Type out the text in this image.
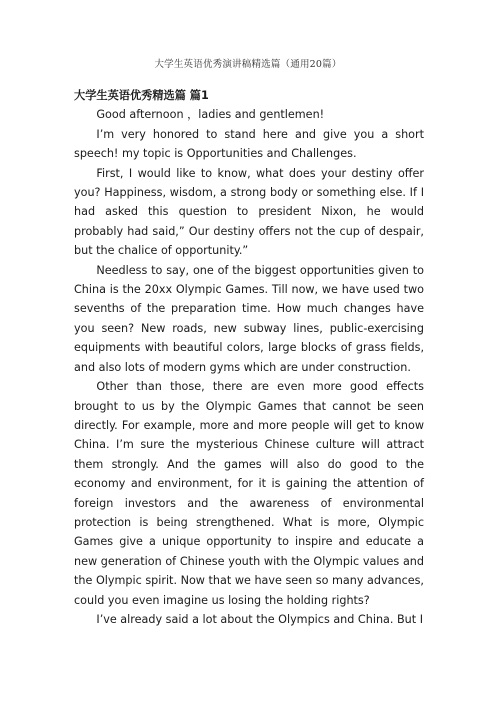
大学生英语优秀演讲稿精选篇（通用20篇）
大学生英语优秀精选篇 篇1

Good afternoon ，ladies and gentlemen!

I’m very honored to stand here and give you a short speech! my topic is Opportunities and Challenges.

First, I would like to know, what does your destiny offer you? Happiness, wisdom, a strong body or something else. If I had asked this question to president Nixon, he would probably had said,” Our destiny offers not the cup of despair, but the chalice of opportunity.”

Needless to say, one of the biggest opportunities given to China is the 20xx Olympic Games. Till now, we have used two sevenths of the preparation time. How much changes have you seen? New roads, new subway lines, public-exercising equipments with beautiful colors, large blocks of grass fields, and also lots of modern gyms which are under construction.

Other than those, there are even more good effects brought to us by the Olympic Games that cannot be seen directly. For example, more and more people will get to know China. I’m sure the mysterious Chinese culture will attract them strongly. And the games will also do good to the economy and environment, for it is gaining the attention of foreign investors and the awareness of environmental protection is being strengthened. What is more, Olympic Games give a unique opportunity to inspire and educate a new generation of Chinese youth with the Olympic values and the Olympic spirit. Now that we have seen so many advances, could you even imagine us losing the holding rights?

I’ve already said a lot about the Olympics and China. But I
